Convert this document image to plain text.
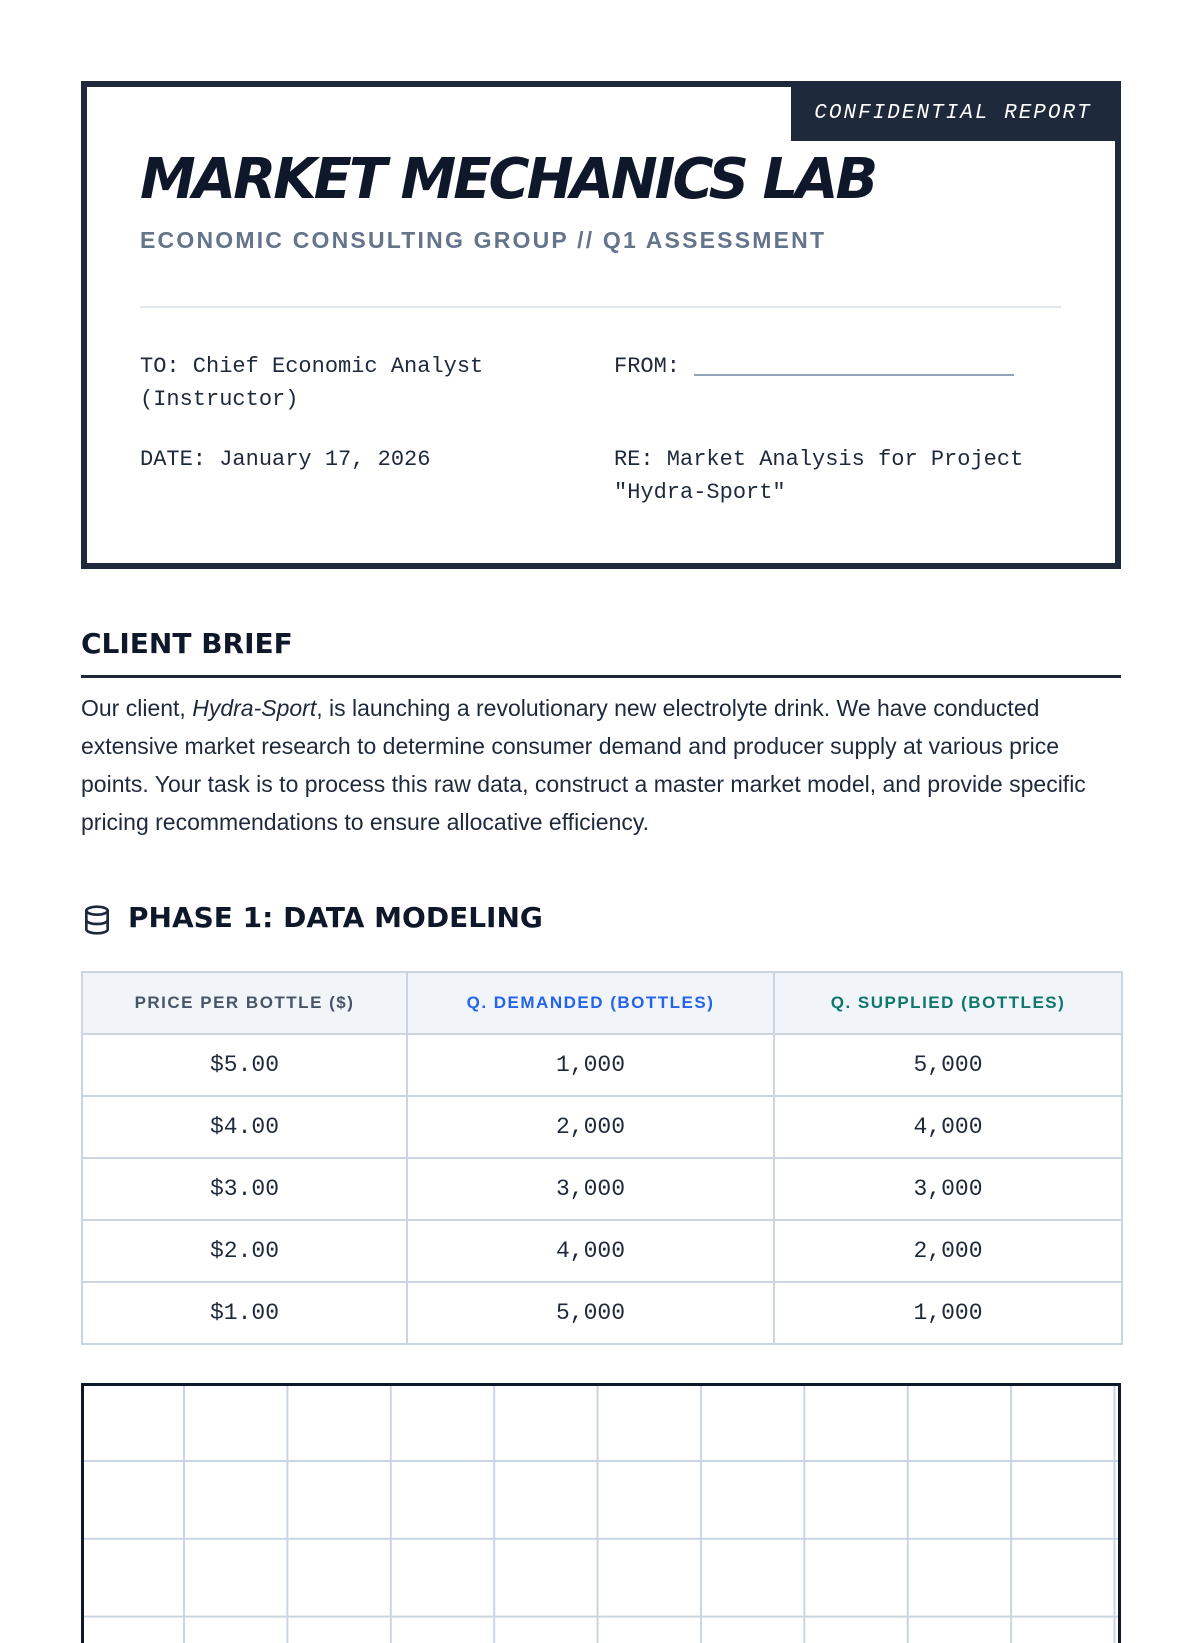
CONFIDENTIAL REPORT
MARKET MECHANICS LAB
ECONOMIC CONSULTING GROUP // Q1 ASSESSMENT
TO: Chief Economic Analyst (Instructor)
FROM:
DATE: January 17, 2026	RE: Market Analysis for Project "Hydra-Sport"
CLIENT BRIEF

Our client, Hydra-Sport, is launching a revolutionary new electrolyte drink. We have conducted extensive market research to determine consumer demand and producer supply at various price points. Your task is to process this raw data, construct a master market model, and provide specific pricing recommendations to ensure allocative efficiency.

PHASE 1: DATA MODELING
PRICE PER BOTTLE ($)	Q. DEMANDED (BOTTLES)	Q. SUPPLIED (BOTTLES)
$5.00	1,000	5,000
$4.00	2,000	4,000
$3.00	3,000	3,000
$2.00	4,000	2,000
$1.00	5,000	1,000
